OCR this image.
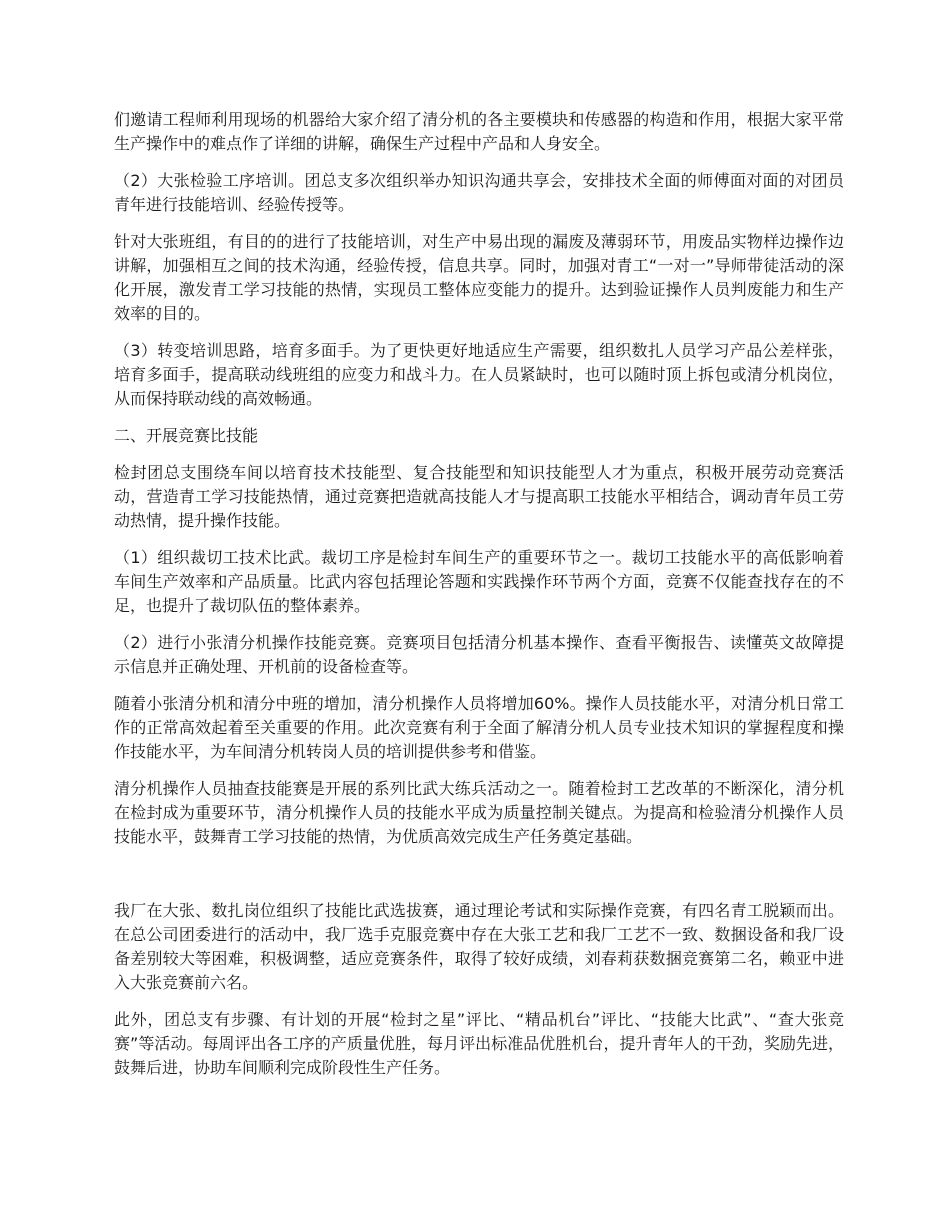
们邀请工程师利用现场的机器给大家介绍了清分机的各主要模块和传感器的构造和作用，根据大家平常生产操作中的难点作了详细的讲解，确保生产过程中产品和人身安全。

（2）大张检验工序培训。团总支多次组织举办知识沟通共享会，安排技术全面的师傅面对面的对团员青年进行技能培训、经验传授等。

针对大张班组，有目的的进行了技能培训，对生产中易出现的漏废及薄弱环节，用废品实物样边操作边讲解，加强相互之间的技术沟通，经验传授，信息共享。同时，加强对青工“一对一”导师带徒活动的深化开展，激发青工学习技能的热情，实现员工整体应变能力的提升。达到验证操作人员判废能力和生产效率的目的。

（3）转变培训思路，培育多面手。为了更快更好地适应生产需要，组织数扎人员学习产品公差样张，培育多面手，提高联动线班组的应变力和战斗力。在人员紧缺时，也可以随时顶上拆包或清分机岗位，从而保持联动线的高效畅通。

二、开展竞赛比技能

检封团总支围绕车间以培育技术技能型、复合技能型和知识技能型人才为重点，积极开展劳动竞赛活动，营造青工学习技能热情，通过竞赛把造就高技能人才与提高职工技能水平相结合，调动青年员工劳动热情，提升操作技能。

（1）组织裁切工技术比武。裁切工序是检封车间生产的重要环节之一。裁切工技能水平的高低影响着车间生产效率和产品质量。比武内容包括理论答题和实践操作环节两个方面，竞赛不仅能查找存在的不足，也提升了裁切队伍的整体素养。

（2）进行小张清分机操作技能竞赛。竞赛项目包括清分机基本操作、查看平衡报告、读懂英文故障提示信息并正确处理、开机前的设备检查等。

随着小张清分机和清分中班的增加，清分机操作人员将增加60%。操作人员技能水平，对清分机日常工作的正常高效起着至关重要的作用。此次竞赛有利于全面了解清分机人员专业技术知识的掌握程度和操作技能水平，为车间清分机转岗人员的培训提供参考和借鉴。

清分机操作人员抽查技能赛是开展的系列比武大练兵活动之一。随着检封工艺改革的不断深化，清分机在检封成为重要环节，清分机操作人员的技能水平成为质量控制关键点。为提高和检验清分机操作人员技能水平，鼓舞青工学习技能的热情，为优质高效完成生产任务奠定基础。

我厂在大张、数扎岗位组织了技能比武选拔赛，通过理论考试和实际操作竞赛，有四名青工脱颖而出。在总公司团委进行的活动中，我厂选手克服竞赛中存在大张工艺和我厂工艺不一致、数捆设备和我厂设备差别较大等困难，积极调整，适应竞赛条件，取得了较好成绩，刘春莉获数捆竞赛第二名，赖亚中进入大张竞赛前六名。

此外，团总支有步骤、有计划的开展“检封之星”评比、“精品机台”评比、“技能大比武”、“查大张竞赛”等活动。每周评出各工序的产质量优胜，每月评出标准品优胜机台，提升青年人的干劲，奖励先进，鼓舞后进，协助车间顺利完成阶段性生产任务。
